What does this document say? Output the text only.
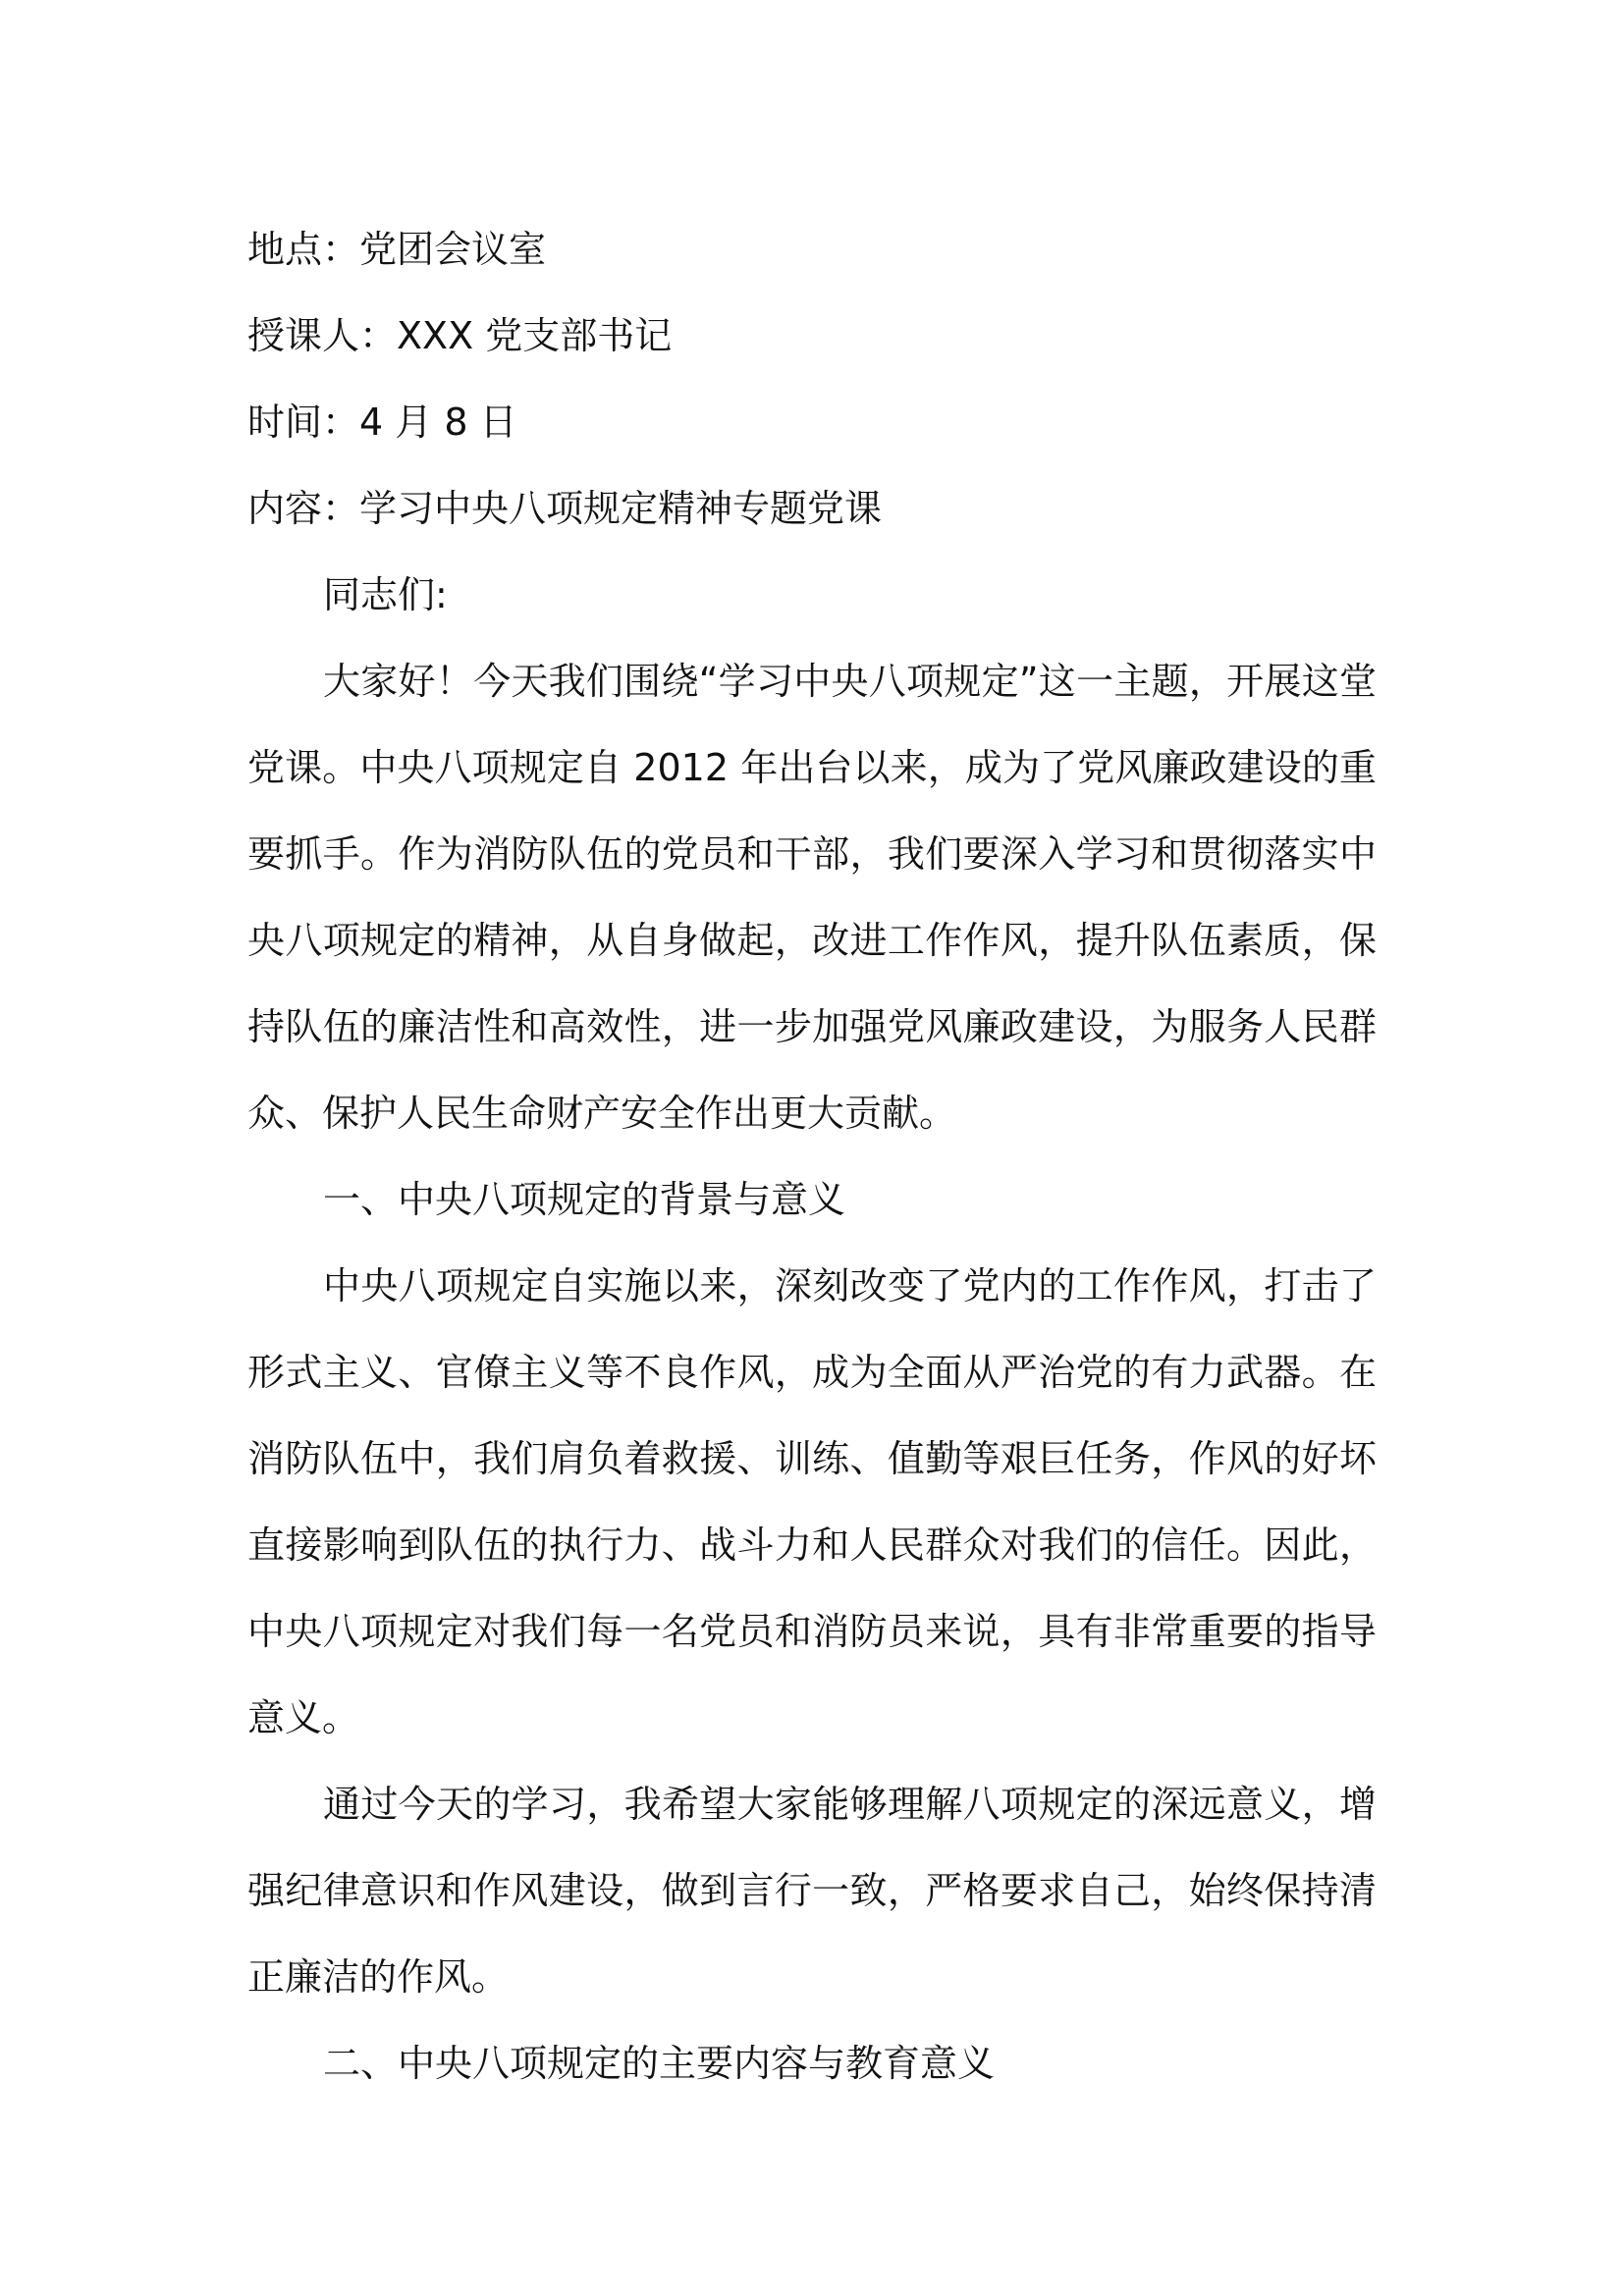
地点：党团会议室
授课人：XXX 党支部书记
时间：4 月 8 日
内容：学习中央八项规定精神专题党课

同志们:

大家好！今天我们围绕“学习中央八项规定”这一主题，开展这堂党课。中央八项规定自 2012 年出台以来，成为了党风廉政建设的重要抓手。作为消防队伍的党员和干部，我们要深入学习和贯彻落实中央八项规定的精神，从自身做起，改进工作作风，提升队伍素质，保持队伍的廉洁性和高效性，进一步加强党风廉政建设，为服务人民群众、保护人民生命财产安全作出更大贡献。

一、中央八项规定的背景与意义

中央八项规定自实施以来，深刻改变了党内的工作作风，打击了形式主义、官僚主义等不良作风，成为全面从严治党的有力武器。在消防队伍中，我们肩负着救援、训练、值勤等艰巨任务，作风的好坏直接影响到队伍的执行力、战斗力和人民群众对我们的信任。因此，中央八项规定对我们每一名党员和消防员来说，具有非常重要的指导意义。

通过今天的学习，我希望大家能够理解八项规定的深远意义，增强纪律意识和作风建设，做到言行一致，严格要求自己，始终保持清正廉洁的作风。

二、中央八项规定的主要内容与教育意义
